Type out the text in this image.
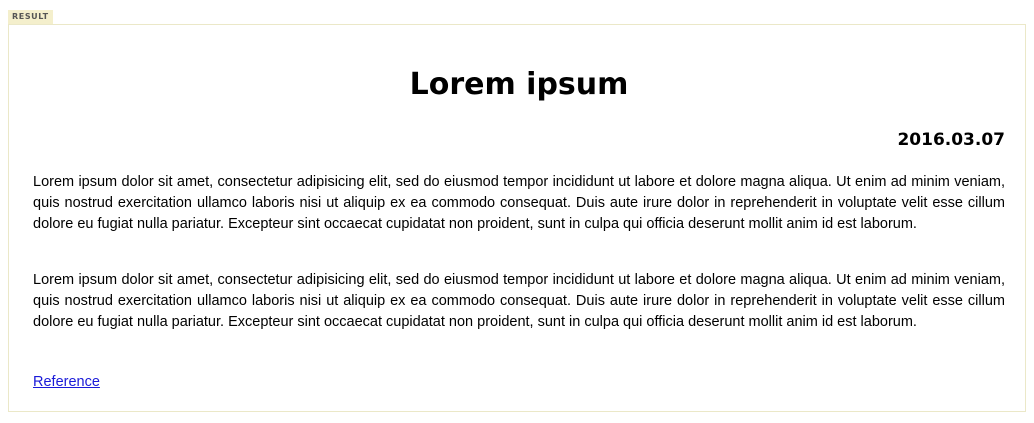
RESULT
Lorem ipsum
2016.03.07

Lorem ipsum dolor sit amet, consectetur adipisicing elit, sed do eiusmod tempor incididunt ut labore et dolore magna aliqua. Ut enim ad minim veniam, quis nostrud exercitation ullamco laboris nisi ut aliquip ex ea commodo consequat. Duis aute irure dolor in reprehenderit in voluptate velit esse cillum dolore eu fugiat nulla pariatur. Excepteur sint occaecat cupidatat non proident, sunt in culpa qui officia deserunt mollit anim id est laborum.

Lorem ipsum dolor sit amet, consectetur adipisicing elit, sed do eiusmod tempor incididunt ut labore et dolore magna aliqua. Ut enim ad minim veniam, quis nostrud exercitation ullamco laboris nisi ut aliquip ex ea commodo consequat. Duis aute irure dolor in reprehenderit in voluptate velit esse cillum dolore eu fugiat nulla pariatur. Excepteur sint occaecat cupidatat non proident, sunt in culpa qui officia deserunt mollit anim id est laborum.

Reference
